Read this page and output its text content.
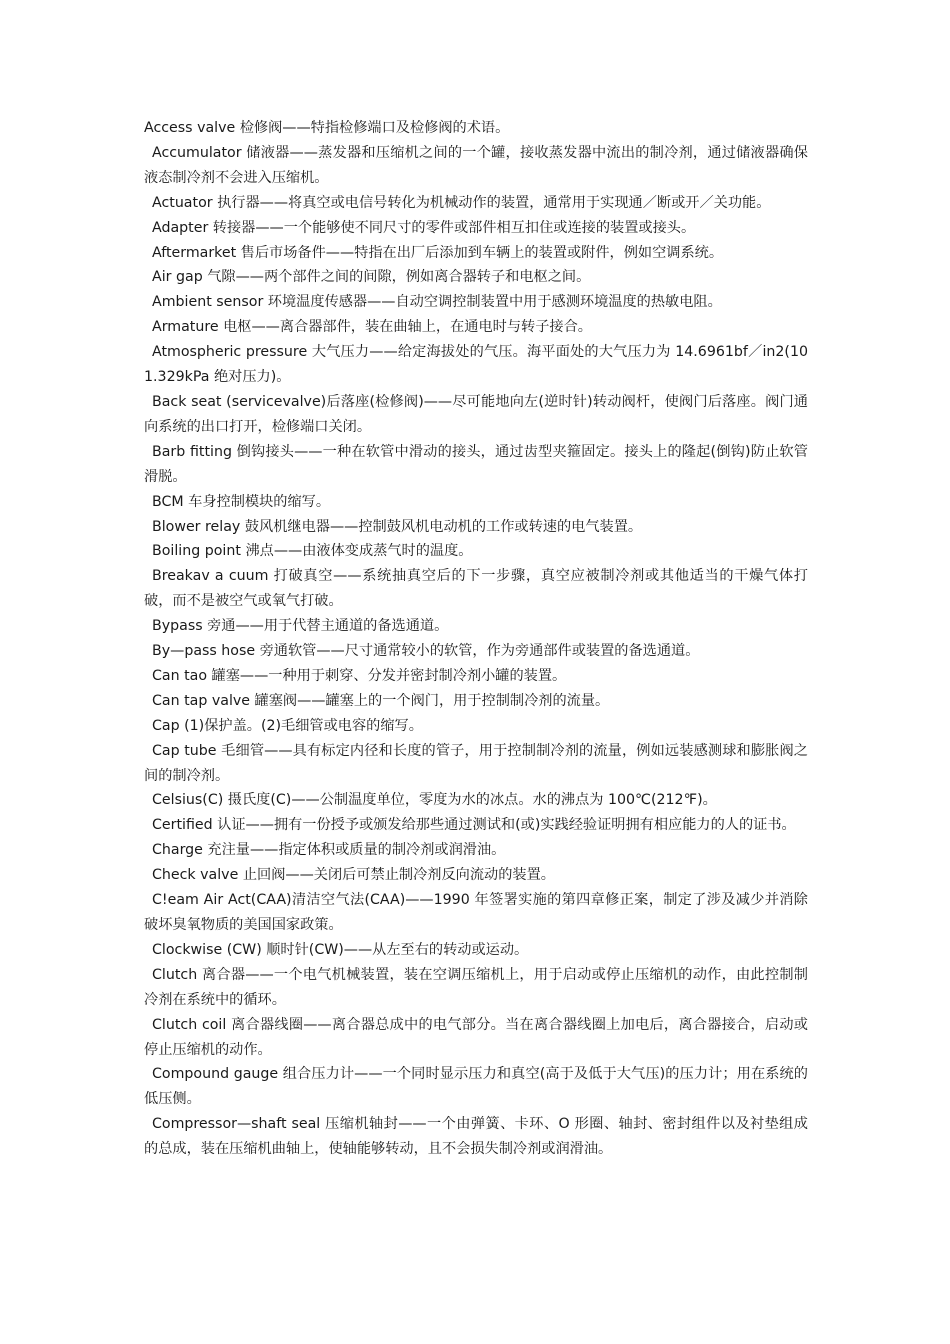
Access valve 检修阀——特指检修端口及检修阀的术语。

Accumulator 储液器——蒸发器和压缩机之间的一个罐，接收蒸发器中流出的制冷剂，通过储液器确保液态制冷剂不会进入压缩机。

Actuator 执行器——将真空或电信号转化为机械动作的装置，通常用于实现通／断或开／关功能。

Adapter 转接器——一个能够使不同尺寸的零件或部件相互扣住或连接的装置或接头。

Aftermarket 售后市场备件——特指在出厂后添加到车辆上的装置或附件，例如空调系统。

Air gap 气隙——两个部件之间的间隙，例如离合器转子和电枢之间。

Ambient sensor 环境温度传感器——自动空调控制装置中用于感测环境温度的热敏电阻。

Armature 电枢——离合器部件，装在曲轴上，在通电时与转子接合。

Atmospheric pressure 大气压力——给定海拔处的气压。海平面处的大气压力为 14.6961bf／in2(101.329kPa 绝对压力)。

Back seat (servicevalve)后落座(检修阀)——尽可能地向左(逆时针)转动阀杆，使阀门后落座。阀门通向系统的出口打开，检修端口关闭。

Barb fitting 倒钩接头——一种在软管中滑动的接头，通过齿型夹箍固定。接头上的隆起(倒钩)防止软管滑脱。

BCM 车身控制模块的缩写。

Blower relay 鼓风机继电器——控制鼓风机电动机的工作或转速的电气装置。

Boiling point 沸点——由液体变成蒸气时的温度。

Breakav a cuum 打破真空——系统抽真空后的下一步骤，真空应被制冷剂或其他适当的干燥气体打破，而不是被空气或氧气打破。

Bypass 旁通——用于代替主通道的备选通道。

By—pass hose 旁通软管——尺寸通常较小的软管，作为旁通部件或装置的备选通道。

Can tao 罐塞——一种用于刺穿、分发并密封制冷剂小罐的装置。

Can tap valve 罐塞阀——罐塞上的一个阀门，用于控制制冷剂的流量。

Cap (1)保护盖。(2)毛细管或电容的缩写。

Cap tube 毛细管——具有标定内径和长度的管子，用于控制制冷剂的流量，例如远装感测球和膨胀阀之间的制冷剂。

Celsius(C) 摄氏度(C)——公制温度单位，零度为水的冰点。水的沸点为 100℃(212℉)。

Certified 认证——拥有一份授予或颁发给那些通过测试和(或)实践经验证明拥有相应能力的人的证书。

Charge 充注量——指定体积或质量的制冷剂或润滑油。

Check valve 止回阀——关闭后可禁止制冷剂反向流动的装置。

C!eam Air Act(CAA)清洁空气法(CAA)——1990 年签署实施的第四章修正案，制定了涉及减少并消除破坏臭氧物质的美国国家政策。

Clockwise (CW) 顺时针(CW)——从左至右的转动或运动。

Clutch 离合器——一个电气机械装置，装在空调压缩机上，用于启动或停止压缩机的动作，由此控制制冷剂在系统中的循环。

Clutch coil 离合器线圈——离合器总成中的电气部分。当在离合器线圈上加电后，离合器接合，启动或停止压缩机的动作。

Compound gauge 组合压力计——一个同时显示压力和真空(高于及低于大气压)的压力计；用在系统的低压侧。

Compressor—shaft seal 压缩机轴封——一个由弹簧、卡环、O 形圈、轴封、密封组件以及衬垫组成的总成，装在压缩机曲轴上，使轴能够转动，且不会损失制冷剂或润滑油。
